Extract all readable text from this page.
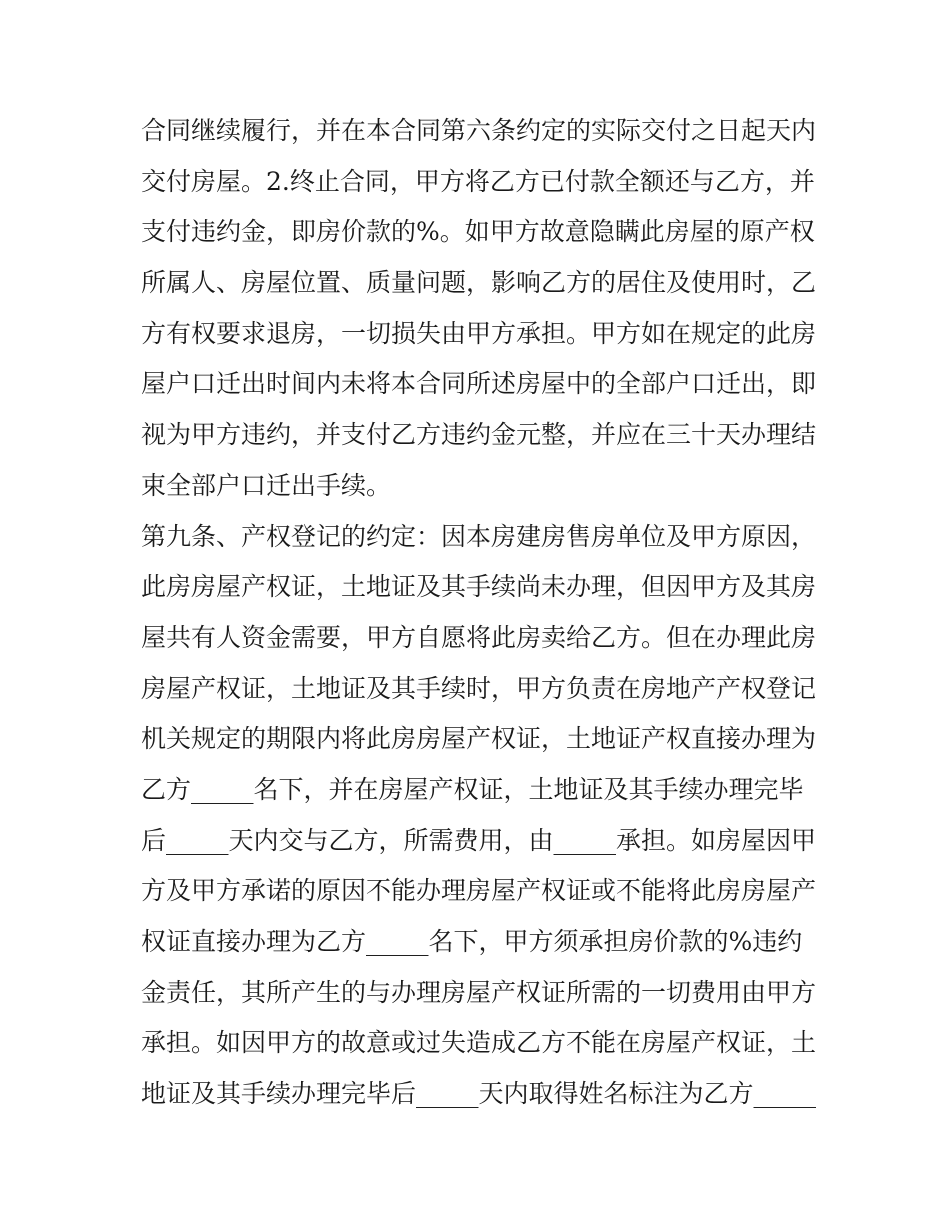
合同继续履行，并在本合同第六条约定的实际交付之日起天内
交付房屋。2.终止合同，甲方将乙方已付款全额还与乙方，并
支付违约金，即房价款的%。如甲方故意隐瞒此房屋的原产权
所属人、房屋位置、质量问题，影响乙方的居住及使用时，乙
方有权要求退房，一切损失由甲方承担。甲方如在规定的此房
屋户口迁出时间内未将本合同所述房屋中的全部户口迁出，即
视为甲方违约，并支付乙方违约金元整，并应在三十天办理结
束全部户口迁出手续。
第九条、产权登记的约定：因本房建房售房单位及甲方原因，
此房房屋产权证，土地证及其手续尚未办理，但因甲方及其房
屋共有人资金需要，甲方自愿将此房卖给乙方。但在办理此房
房屋产权证，土地证及其手续时，甲方负责在房地产产权登记
机关规定的期限内将此房房屋产权证，土地证产权直接办理为
乙方_____名下，并在房屋产权证，土地证及其手续办理完毕
后_____天内交与乙方，所需费用，由_____承担。如房屋因甲
方及甲方承诺的原因不能办理房屋产权证或不能将此房房屋产
权证直接办理为乙方_____名下，甲方须承担房价款的%违约
金责任，其所产生的与办理房屋产权证所需的一切费用由甲方
承担。如因甲方的故意或过失造成乙方不能在房屋产权证，土
地证及其手续办理完毕后_____天内取得姓名标注为乙方_____
